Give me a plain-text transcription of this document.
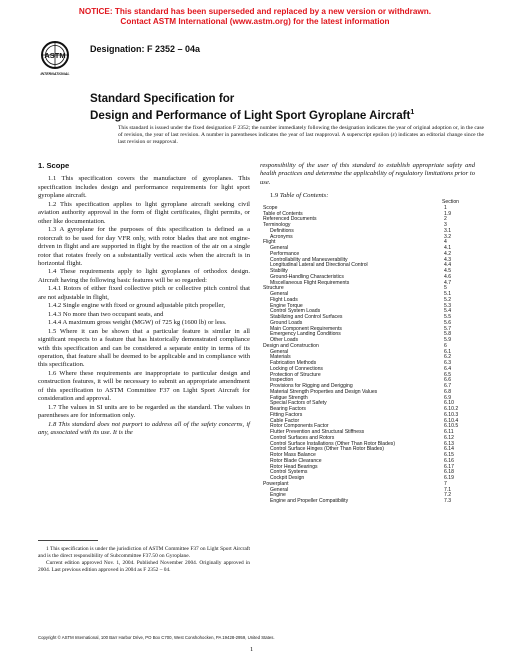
NOTICE: This standard has been superseded and replaced by a new version or withdrawn.
Contact ASTM International (www.astm.org) for the latest information
ASTM
INTERNATIONAL
Designation: F 2352 – 04a
Standard Specification for
Design and Performance of Light Sport Gyroplane Aircraft$^1$
This standard is issued under the fixed designation F 2352; the number immediately following the designation indicates the year of original adoption or, in the case of revision, the year of last revision. A number in parentheses indicates the year of last reapproval. A superscript epsilon (ε) indicates an editorial change since the last revision or reapproval.
1. Scope

1.1 This specification covers the manufacture of gyroplanes. This specification includes design and performance requirements for light sport gyroplane aircraft.

1.2 This specification applies to light gyroplane aircraft seeking civil aviation authority approval in the form of flight certificates, flight permits, or other like documentation.

1.3 A gyroplane for the purposes of this specification is defined as a rotorcraft to be used for day VFR only, with rotor blades that are not engine-driven in flight and are supported in flight by the reaction of the air on a single rotor that rotates freely on a substantially vertical axis when the aircraft is in horizontal flight.

1.4 These requirements apply to light gyroplanes of orthodox design. Aircraft having the following basic features will be so regarded:

1.4.1 Rotors of either fixed collective pitch or collective pitch control that are not adjustable in flight,

1.4.2 Single engine with fixed or ground adjustable pitch propeller,

1.4.3 No more than two occupant seats, and

1.4.4 A maximum gross weight (MGW) of 725 kg (1600 lb) or less.

1.5 Where it can be shown that a particular feature is similar in all significant respects to a feature that has historically demonstrated compliance with this specification and can be considered a separate entity in terms of its operation, that feature shall be deemed to be applicable and in compliance with this specification.

1.6 Where these requirements are inappropriate to particular design and construction features, it will be necessary to submit an appropriate amendment of this specification to ASTM Committee F37 on Light Sport Aircraft for consideration and approval.

1.7 The values in SI units are to be regarded as the standard. The values in parentheses are for information only.

1.8 This standard does not purport to address all of the safety concerns, if any, associated with its use. It is the

responsibility of the user of this standard to establish appropriate safety and health practices and determine the applicability of regulatory limitations prior to use.
1.9 Table of Contents:
Section
Scope	1
Table of Contents	1.9
Referenced Documents	2
Terminology	3
Definitions	3.1
Acronyms	3.2
Flight	4
General	4.1
Performance	4.2
Controllability and Maneuverability	4.3
Longitudinal Lateral and Directional Control	4.4
Stability	4.5
Ground-Handling Characteristics	4.6
Miscellaneous Flight Requirements	4.7
Structure	5
General	5.1
Flight Loads	5.2
Engine Torque	5.3
Control System Loads	5.4
Stabilizing and Control Surfaces	5.5
Ground Loads	5.6
Main Component Requirements	5.7
Emergency Landing Conditions	5.8
Other Loads	5.9
Design and Construction	6
General	6.1
Materials	6.2
Fabrication Methods	6.3
Locking of Connections	6.4
Protection of Structure	6.5
Inspection	6.6
Provisions for Rigging and Derigging	6.7
Material Strength Properties and Design Values	6.8
Fatigue Strength	6.9
Special Factors of Safety	6.10
Bearing Factors	6.10.2
Fitting Factors	6.10.3
Cable Factor	6.10.4
Rotor Components Factor	6.10.5
Flutter Prevention and Structural Stiffness	6.11
Control Surfaces and Rotors	6.12
Control Surface Installations (Other Than Rotor Blades)	6.13
Control Surface Hinges (Other Than Rotor Blades)	6.14
Rotor Mass Balance	6.15
Rotor Blade Clearance	6.16
Rotor Head Bearings	6.17
Control Systems	6.18
Cockpit Design	6.19
Powerplant	7
General	7.1
Engine	7.2
Engine and Propeller Compatibility	7.3

1 This specification is under the jurisdiction of ASTM Committee F37 on Light Sport Aircraft and is the direct responsibility of Subcommittee F37.50 on Gyroplane.

Current edition approved Nov. 1, 2004. Published November 2004. Originally approved in 2004. Last previous edition approved in 2004 as F 2352 – 04.

Copyright © ASTM International, 100 Barr Harbor Drive, PO Box C700, West Conshohocken, PA 19428-2959, United States.
1
